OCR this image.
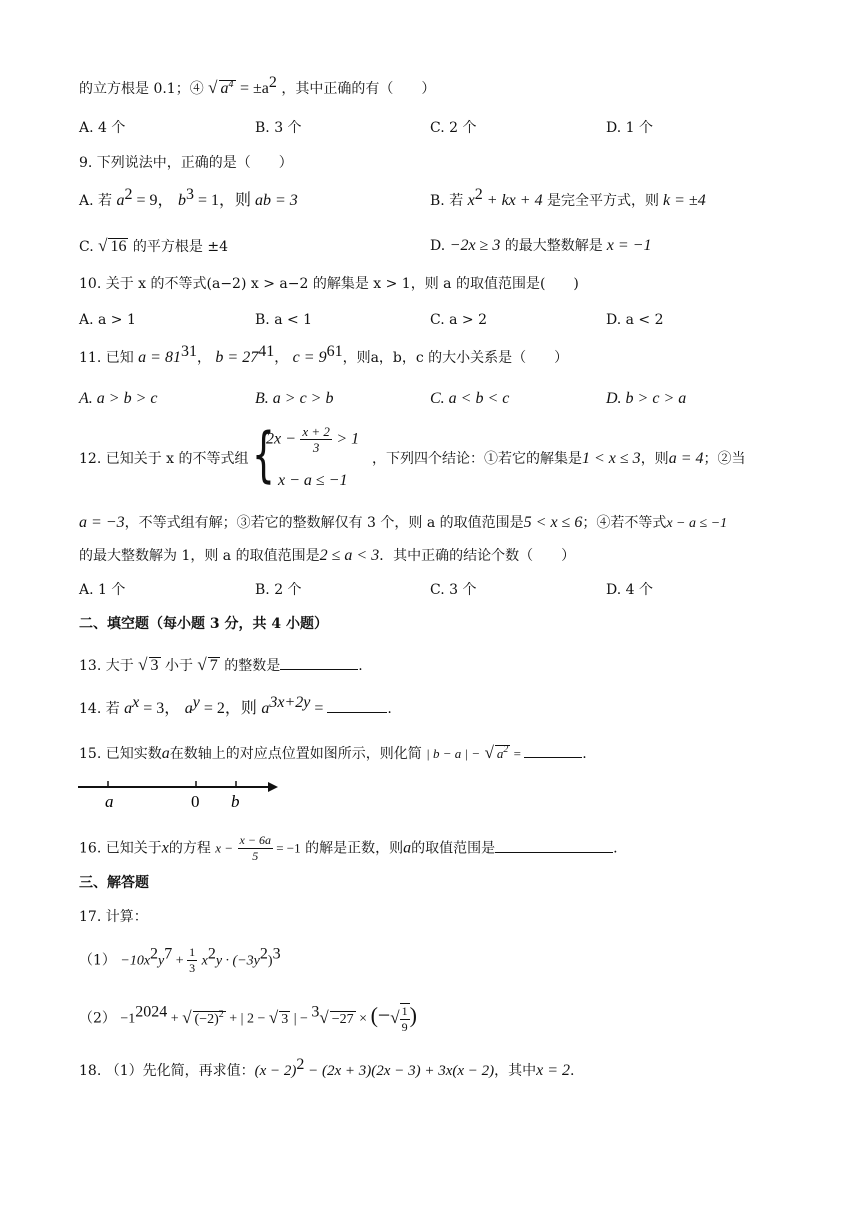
的立方根是 0.1；④ √ $a^4 = \pm a^2$ ，其中正确的有（　　）
A. 4 个	B. 3 个	C. 2 个	D. 1 个
9. 下列说法中，正确的是（　　）
A. 若 $a^2 = 9$， $b^3 = 1$，则 ab = 3	B. 若 $x^2$ + kx + 4 是完全平方式，则 k = ±4
C. √ 16 的平方根是 ±4	D. −2x ≥ 3 的最大整数解是 x = −1
10. 关于 x 的不等式(a−2) x > a−2 的解集是 x > 1，则 a 的取值范围是(　　)
A. a > 1	B. a < 1	C. a > 2	D. a < 2
11. 已知 $a = 81^{31}$， $b = 27^{41}$， $c = 9^{61}$，则a，b，c 的大小关系是（　　）
A. a > b > c	B. a > c > b	C. a < b < c	D. b > c > a
12. 已知关于 x 的不等式组 {
$2x - \frac{x + 2}{3} > 1$
x − a ≤ −1
，下列四个结论：①若它的解集是1 < x ≤ 3，则a = 4；②当
a = −3，不等式组有解；③若它的整数解仅有 3 个，则 a 的取值范围是5 < x ≤ 6；④若不等式x − a ≤ −1
的最大整数解为 1，则 a 的取值范围是2 ≤ a < 3．其中正确的结论个数（　　）
A. 1 个	B. 2 个	C. 3 个	D. 4 个
二、填空题（每小题 3 分，共 4 小题）
13. 大于 √ 3 小于 √ 7 的整数是	.
14. 若 $a^x = 3$， $a^y = 2$，则 $a^{3x+2y}$ =	.
15. 已知实数a在数轴上的对应点位置如图所示，则化简 | b − a | − √ $a^2$ =	.
a	0 b
16. 已知关于x的方程 $x - \frac{x - 6a}{5} = -1$ 的解是正数，则a的取值范围是	.
三、解答题
17. 计算：
$(1) -10x^2y^7 + \frac{1}{3} x^2y \cdot (-3y^2)^3$
$(2) -1^{2024}$ + √ $(-2)^2$ + | 2 − √ 3 | − $^3$√ −27 × (−√ $\frac{1}{9}$ )
18. （1）先化简，再求值：$(x - 2)^2 - (2x + 3)(2x - 3) + 3x(x - 2)$，其中x = 2.
